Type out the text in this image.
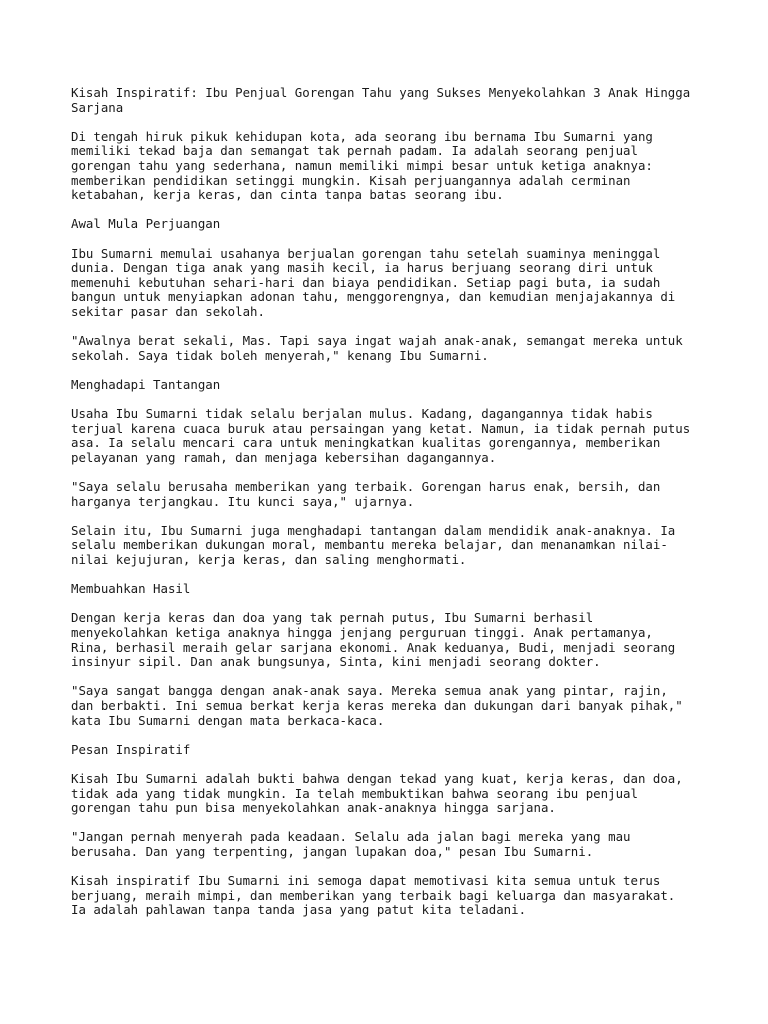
Kisah Inspiratif: Ibu Penjual Gorengan Tahu yang Sukses Menyekolahkan 3 Anak Hingga
Sarjana
Di tengah hiruk pikuk kehidupan kota, ada seorang ibu bernama Ibu Sumarni yang
memiliki tekad baja dan semangat tak pernah padam. Ia adalah seorang penjual
gorengan tahu yang sederhana, namun memiliki mimpi besar untuk ketiga anaknya:
memberikan pendidikan setinggi mungkin. Kisah perjuangannya adalah cerminan
ketabahan, kerja keras, dan cinta tanpa batas seorang ibu.
Awal Mula Perjuangan
Ibu Sumarni memulai usahanya berjualan gorengan tahu setelah suaminya meninggal
dunia. Dengan tiga anak yang masih kecil, ia harus berjuang seorang diri untuk
memenuhi kebutuhan sehari-hari dan biaya pendidikan. Setiap pagi buta, ia sudah
bangun untuk menyiapkan adonan tahu, menggorengnya, dan kemudian menjajakannya di
sekitar pasar dan sekolah.
"Awalnya berat sekali, Mas. Tapi saya ingat wajah anak-anak, semangat mereka untuk
sekolah. Saya tidak boleh menyerah," kenang Ibu Sumarni.
Menghadapi Tantangan
Usaha Ibu Sumarni tidak selalu berjalan mulus. Kadang, dagangannya tidak habis
terjual karena cuaca buruk atau persaingan yang ketat. Namun, ia tidak pernah putus
asa. Ia selalu mencari cara untuk meningkatkan kualitas gorengannya, memberikan
pelayanan yang ramah, dan menjaga kebersihan dagangannya.
"Saya selalu berusaha memberikan yang terbaik. Gorengan harus enak, bersih, dan
harganya terjangkau. Itu kunci saya," ujarnya.
Selain itu, Ibu Sumarni juga menghadapi tantangan dalam mendidik anak-anaknya. Ia
selalu memberikan dukungan moral, membantu mereka belajar, dan menanamkan nilai-
nilai kejujuran, kerja keras, dan saling menghormati.
Membuahkan Hasil
Dengan kerja keras dan doa yang tak pernah putus, Ibu Sumarni berhasil
menyekolahkan ketiga anaknya hingga jenjang perguruan tinggi. Anak pertamanya,
Rina, berhasil meraih gelar sarjana ekonomi. Anak keduanya, Budi, menjadi seorang
insinyur sipil. Dan anak bungsunya, Sinta, kini menjadi seorang dokter.
"Saya sangat bangga dengan anak-anak saya. Mereka semua anak yang pintar, rajin,
dan berbakti. Ini semua berkat kerja keras mereka dan dukungan dari banyak pihak,"
kata Ibu Sumarni dengan mata berkaca-kaca.
Pesan Inspiratif
Kisah Ibu Sumarni adalah bukti bahwa dengan tekad yang kuat, kerja keras, dan doa,
tidak ada yang tidak mungkin. Ia telah membuktikan bahwa seorang ibu penjual
gorengan tahu pun bisa menyekolahkan anak-anaknya hingga sarjana.
"Jangan pernah menyerah pada keadaan. Selalu ada jalan bagi mereka yang mau
berusaha. Dan yang terpenting, jangan lupakan doa," pesan Ibu Sumarni.
Kisah inspiratif Ibu Sumarni ini semoga dapat memotivasi kita semua untuk terus
berjuang, meraih mimpi, dan memberikan yang terbaik bagi keluarga dan masyarakat.
Ia adalah pahlawan tanpa tanda jasa yang patut kita teladani.
